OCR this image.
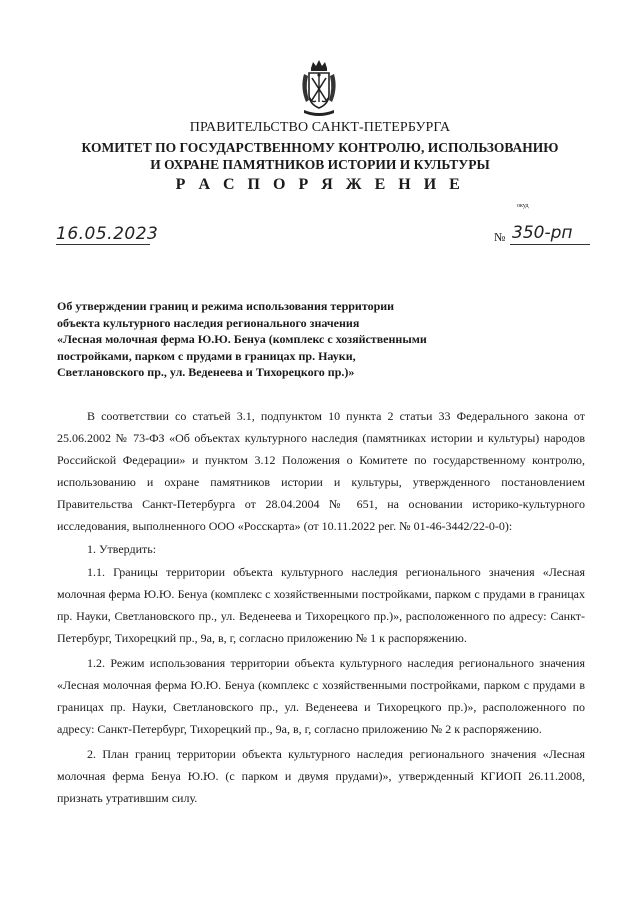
ПРАВИТЕЛЬСТВО САНКТ-ПЕТЕРБУРГА
КОМИТЕТ ПО ГОСУДАРСТВЕННОМУ КОНТРОЛЮ, ИСПОЛЬЗОВАНИЮ
И ОХРАНЕ ПАМЯТНИКОВ ИСТОРИИ И КУЛЬТУРЫ
Р А С П О Р Я Ж Е Н И Е
окуд
16.05.2023	№ 350-рп
Об утверждении границ и режима использования территории
объекта культурного наследия регионального значения
«Лесная молочная ферма Ю.Ю. Бенуа (комплекс с хозяйственными
постройками, парком с прудами в границах пр. Науки,
Светлановского пр., ул. Веденеева и Тихорецкого пр.)»

В соответствии со статьей 3.1, подпунктом 10 пункта 2 статьи 33 Федерального закона от 25.06.2002 № 73-ФЗ «Об объектах культурного наследия (памятниках истории и культуры) народов Российской Федерации» и пунктом 3.12 Положения о Комитете по государственному контролю, использованию и охране памятников истории и культуры, утвержденного постановлением Правительства Санкт-Петербурга от 28.04.2004 № 651, на основании историко-культурного исследования, выполненного ООО «Росскарта» (от 10.11.2022 рег. № 01-46-3442/22-0-0):

1. Утвердить:

1.1. Границы территории объекта культурного наследия регионального значения «Лесная молочная ферма Ю.Ю. Бенуа (комплекс с хозяйственными постройками, парком с прудами в границах пр. Науки, Светлановского пр., ул. Веденеева и Тихорецкого пр.)», расположенного по адресу: Санкт-Петербург, Тихорецкий пр., 9а, в, г, согласно приложению № 1 к распоряжению.

1.2. Режим использования территории объекта культурного наследия регионального значения «Лесная молочная ферма Ю.Ю. Бенуа (комплекс с хозяйственными постройками, парком с прудами в границах пр. Науки, Светлановского пр., ул. Веденеева и Тихорецкого пр.)», расположенного по адресу: Санкт-Петербург, Тихорецкий пр., 9а, в, г, согласно приложению № 2 к распоряжению.

2. План границ территории объекта культурного наследия регионального значения «Лесная молочная ферма Бенуа Ю.Ю. (с парком и двумя прудами)», утвержденный КГИОП 26.11.2008, признать утратившим силу.
